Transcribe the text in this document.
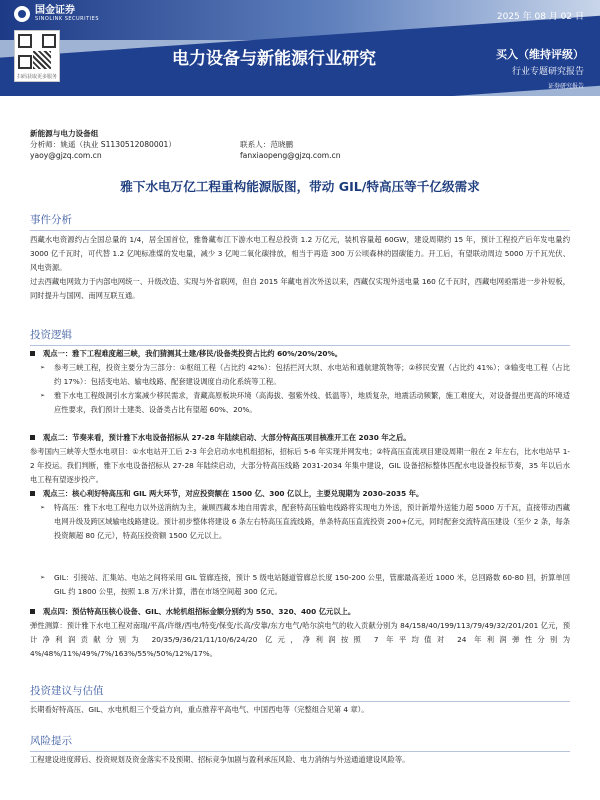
国金证券
SINOLINK SECURITIES
扫码获取更多服务
2025 年 08 月 02 日
电力设备与新能源行业研究	买入（维持评级）
行业专题研究报告
证券研究报告
新能源与电力设备组
分析师：姚遥（执业 S1130512080001）	联系人：范晓鹏
yaoy@gjzq.com.cn	fanxiaopeng@gjzq.com.cn
雅下水电万亿工程重构能源版图，带动 GIL/特高压等千亿级需求
事件分析

西藏水电资源约占全国总量的 1/4，居全国首位，雅鲁藏布江下游水电工程总投资 1.2 万亿元，装机容量超 60GW，建设周期约 15 年，预计工程投产后年发电量约 3000 亿千瓦时，可代替 1.2 亿吨标准煤的发电量，减少 3 亿吨二氧化碳排放，相当于再造 300 万公顷森林的固碳能力。开工后，有望联动周边 5000 万千瓦光伏、风电资源。

过去西藏电网致力于内部电网统一、升级改造、实现与外省联网，但自 2015 年藏电首次外送以来，西藏仅实现外送电量 160 亿千瓦时，西藏电网亟需进一步补短板，同时提升与国网、南网互联互通。

投资逻辑
观点一：雅下工程难度超三峡，我们猜测其土建/移民/设备类投资占比约 60%/20%/20%。
➢	参考三峡工程，投资主要分为三部分：①枢纽工程（占比约 42%）：包括拦河大坝、水电站和通航建筑物等；②移民安置（占比约 41%）；③输变电工程（占比约 17%）：包括变电站、输电线路、配套建设调度自动化系统等工程。
➢	雅下水电工程级洞引水方案减少移民需求，青藏高原板块环境（高海拔、强紫外线、低温等），地质复杂，地震活动频繁，施工难度大，对设备提出更高的环境适应性要求，我们预计土建类、设备类占比有望超 60%、20%。
观点二：节奏来看，预计雅下水电设备招标从 27-28 年陆续启动、大部分特高压项目核准开工在 2030 年之后。
参考国内三峡等大型水电项目：①水电站开工后 2-3 年会启动水电机组招标，招标后 5-6 年实现并网发电；②特高压直流项目建设周期一般在 2 年左右，比水电站早 1-2 年投运。我们判断，雅下水电设备招标从 27-28 年陆续启动，大部分特高压线路 2031-2034 年集中建设，GIL 设备招标整体匹配水电设备投标节奏，35 年以后水电工程有望逐步投产。
观点三：核心利好特高压和 GIL 两大环节，对应投资额在 1500 亿、300 亿以上，主要兑现期为 2030-2035 年。
➢	特高压：雅下水电工程电力以外送消纳为主，兼顾西藏本地自用需求，配套特高压输电线路将实现电力外送，预计新增外送能力超 5000 万千瓦，直接带动西藏电网升级及跨区域输电线路建设。预计初步整体将建设 6 条左右特高压直流线路，单条特高压直流投资 200+亿元，同时配套交流特高压建设（至少 2 条，每条投资额超 80 亿元），特高压投资额 1500 亿元以上。
➢	GIL：引接站、汇集站、电站之间将采用 GIL 管廊连接，预计 5 级电站隧道管廊总长度 150-200 公里，管廊最高差近 1000 米，总回路数 60-80 回，折算单回 GIL 约 1800 公里，按照 1.8 万/米计算，潜在市场空间超 300 亿元。
观点四：预估特高压核心设备、GIL、水轮机组招标金额分别约为 550、320、400 亿元以上。
弹性测算：预计雅下水电工程对南瑞/平高/许继/西电/特变/保变/长高/安靠/东方电气/哈尔滨电气的收入贡献分别为 84/158/40/199/113/79/49/32/201/201 亿元，预计净利润贡献分别为 20/35/9/36/21/11/10/6/24/20 亿元，净利润按照 7 年平均值对 24 年利润弹性分别为 4%/48%/11%/49%/7%/163%/55%/50%/12%/17%。
投资建议与估值
长期看好特高压、GIL、水电机组三个受益方向，重点推荐平高电气、中国西电等（完整组合见第 4 章）。
风险提示
工程建设进度滞后、投资规划及资金落实不及预期、招标竞争加剧与盈利承压风险、电力消纳与外送通道建设风险等。
